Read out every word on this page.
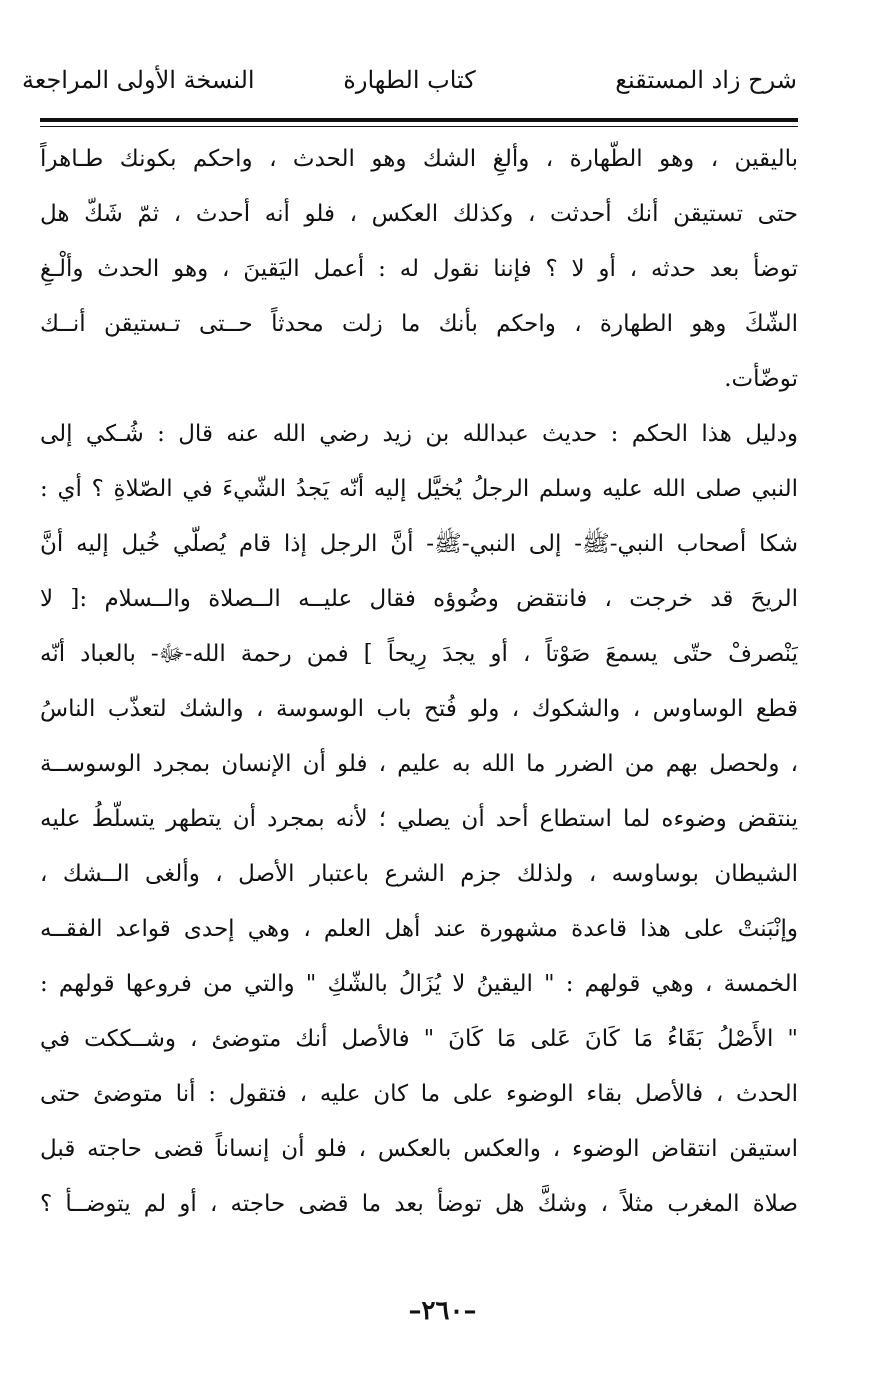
شرح زاد المستقنع
كتاب الطهارة
النسخة الأولى المراجعة
باليقين ، وهو الطّهارة ، وألغِ الشك وهو الحدث ، واحكم بكونك طـاهراً
حتى تستيقن أنك أحدثت ، وكذلك العكس ، فلو أنه أحدث ، ثمّ شَكّ هل
توضأ بعد حدثه ، أو لا ؟ فإننا نقول له : أعمل اليَقينَ ، وهو الحدث وألْـغِ
الشّكَ وهو الطهارة ، واحكم بأنك ما زلت محدثاً حــتى تـستيقن أنــك
توضّأت.
ودليل هذا الحكم : حديث عبدالله بن زيد رضي الله عنه قال : شُـكي إلى
النبي صلى الله عليه وسلم الرجلُ يُخيَّل إليه أنّه يَجدُ الشّيءَ في الصّلاةِ ؟ أي :
شكا أصحاب النبي-ﷺ- إلى النبي-ﷺ- أنَّ الرجل إذا قام يُصلّي خُيل إليه أنَّ
الريحَ قد خرجت ، فانتقض وضُوؤه فقال عليــه الــصلاة والــسلام :[ لا
يَنْصرفْ حتّى يسمعَ صَوْتاً ، أو يجدَ رِيحاً ] فمن رحمة الله-ﷻ- بالعباد أنّه
قطع الوساوس ، والشكوك ، ولو فُتح باب الوسوسة ، والشك لتعذّب الناسُ
، ولحصل بهم من الضرر ما الله به عليم ، فلو أن الإنسان بمجرد الوسوســة
ينتقض وضوءه لما استطاع أحد أن يصلي ؛ لأنه بمجرد أن يتطهر يتسلّطُ عليه
الشيطان بوساوسه ، ولذلك جزم الشرع باعتبار الأصل ، وألغى الــشك ،
وإنْبَنتْ على هذا قاعدة مشهورة عند أهل العلم ، وهي إحدى قواعد الفقــه
الخمسة ، وهي قولهم : " اليقينُ لا يُزَالُ بالشّكِ " والتي من فروعها قولهم :
" الأَصْلُ بَقَاءُ مَا كَانَ عَلى مَا كَانَ " فالأصل أنك متوضئ ، وشــككت في
الحدث ، فالأصل بقاء الوضوء على ما كان عليه ، فتقول : أنا متوضئ حتى
استيقن انتقاض الوضوء ، والعكس بالعكس ، فلو أن إنساناً قضى حاجته قبل
صلاة المغرب مثلاً ، وشكَّ هل توضأ بعد ما قضى حاجته ، أو لم يتوضــأ ؟
–٢٦٠–
